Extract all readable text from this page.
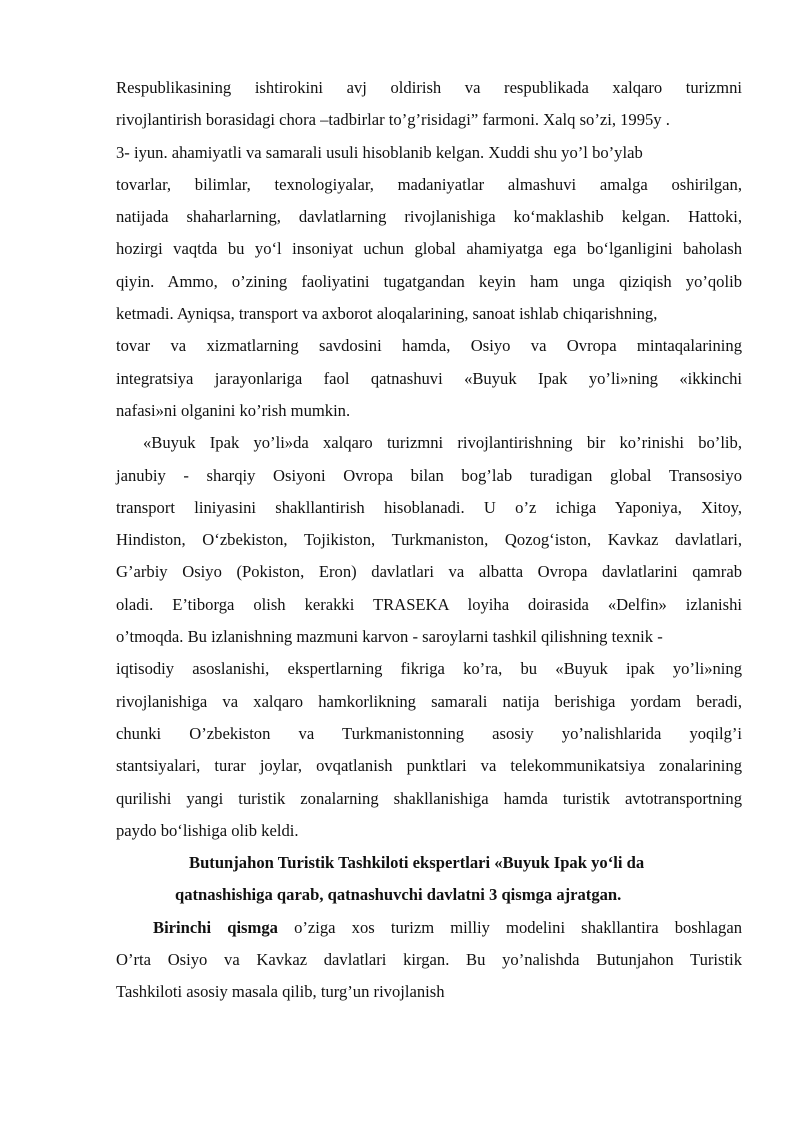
Respublikasining ishtirokini avj oldirish va respublikada xalqaro turizmni
rivojlantirish borasidagi chora –tadbirlar to’g’risidagi” farmoni. Xalq so’zi, 1995y .
3- iyun. ahamiyatli va samarali usuli hisoblanib kelgan. Xuddi shu yo’l bo’ylab
tovarlar, bilimlar, texnologiyalar, madaniyatlar almashuvi amalga oshirilgan,
natijada shaharlarning, davlatlarning rivojlanishiga koʻmaklashib kelgan. Hattoki,
hozirgi vaqtda bu yoʻl insoniyat uchun global ahamiyatga ega boʻlganligini baholash
qiyin. Ammo, o’zining faoliyatini tugatgandan keyin ham unga qiziqish yo’qolib
ketmadi. Ayniqsa, transport va axborot aloqalarining, sanoat ishlab chiqarishning,
tovar va xizmatlarning savdosini hamda, Osiyo va Ovropa mintaqalarining
integratsiya jarayonlariga faol qatnashuvi «Buyuk Ipak yo’li»ning «ikkinchi
nafasi»ni olganini ko’rish mumkin.
«Buyuk Ipak yo’li»da xalqaro turizmni rivojlantirishning bir ko’rinishi bo’lib,
janubiy - sharqiy Osiyoni Ovropa bilan bog’lab turadigan global Transosiyo
transport liniyasini shakllantirish hisoblanadi. U o’z ichiga Yaponiya, Xitoy,
Hindiston, Oʻzbekiston, Tojikiston, Turkmaniston, Qozogʻiston, Kavkaz davlatlari,
G’arbiy Osiyo (Pokiston, Eron) davlatlari va albatta Ovropa davlatlarini qamrab
oladi. E’tiborga olish kerakki TRASEKA loyiha doirasida «Delfin» izlanishi
o’tmoqda. Bu izlanishning mazmuni karvon - saroylarni tashkil qilishning texnik -
iqtisodiy asoslanishi, ekspertlarning fikriga ko’ra, bu «Buyuk ipak yo’li»ning
rivojlanishiga va xalqaro hamkorlikning samarali natija berishiga yordam beradi,
chunki O’zbekiston va Turkmanistonning asosiy yo’nalishlarida yoqilg’i
stantsiyalari, turar joylar, ovqatlanish punktlari va telekommunikatsiya zonalarining
qurilishi yangi turistik zonalarning shakllanishiga hamda turistik avtotransportning
paydo boʻlishiga olib keldi.
Butunjahon Turistik Tashkiloti ekspertlari «Buyuk Ipak yoʻli da
qatnashishiga qarab, qatnashuvchi davlatni 3 qismga ajratgan.
Birinchi qismga o’ziga xos turizm milliy modelini shakllantira boshlagan
O’rta Osiyo va Kavkaz davlatlari kirgan. Bu yo’nalishda Butunjahon Turistik
Tashkiloti asosiy masala qilib, turg’un rivojlanish
